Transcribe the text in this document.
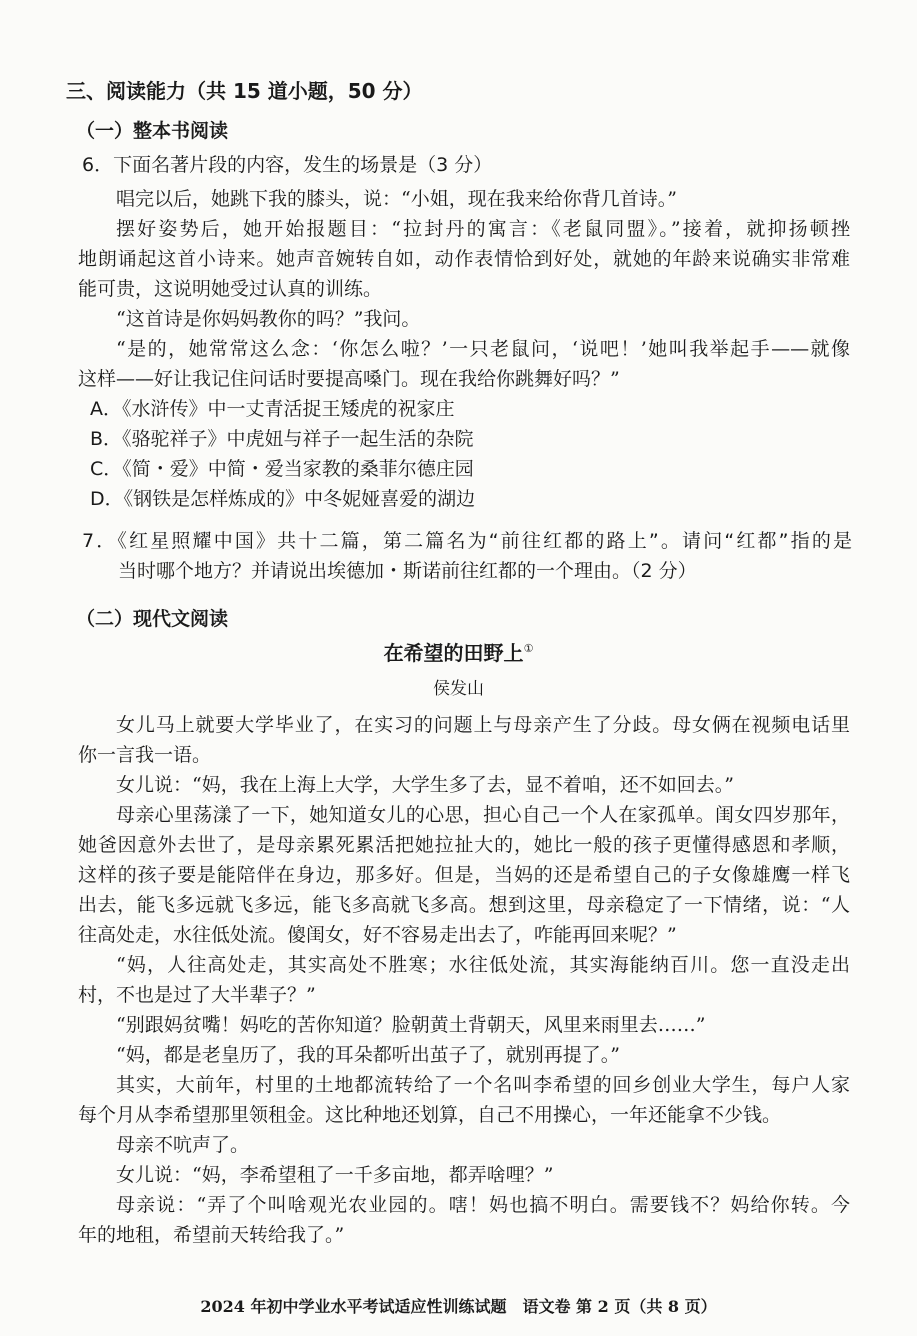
三、阅读能力（共 15 道小题，50 分）
（一）整本书阅读
6．下面名著片段的内容，发生的场景是（3 分）
唱完以后，她跳下我的膝头，说：“小姐，现在我来给你背几首诗。”
摆好姿势后，她开始报题目：“拉封丹的寓言：《老鼠同盟》。”接着，就抑扬顿挫
地朗诵起这首小诗来。她声音婉转自如，动作表情恰到好处，就她的年龄来说确实非常难
能可贵，这说明她受过认真的训练。
“这首诗是你妈妈教你的吗？”我问。
“是的，她常常这么念：‘你怎么啦？’一只老鼠问，‘说吧！’她叫我举起手——就像
这样——好让我记住问话时要提高嗓门。现在我给你跳舞好吗？”
A．《水浒传》中一丈青活捉王矮虎的祝家庄
B．《骆驼祥子》中虎妞与祥子一起生活的杂院
C．《简・爱》中简・爱当家教的桑菲尔德庄园
D．《钢铁是怎样炼成的》中冬妮娅喜爱的湖边
7．《红星照耀中国》共十二篇，第二篇名为“前往红都的路上”。请问“红都”指的是
当时哪个地方？并请说出埃德加・斯诺前往红都的一个理由。（2 分）
（二）现代文阅读
在希望的田野上①
侯发山
女儿马上就要大学毕业了，在实习的问题上与母亲产生了分歧。母女俩在视频电话里
你一言我一语。
女儿说：“妈，我在上海上大学，大学生多了去，显不着咱，还不如回去。”
母亲心里荡漾了一下，她知道女儿的心思，担心自己一个人在家孤单。闺女四岁那年，
她爸因意外去世了，是母亲累死累活把她拉扯大的，她比一般的孩子更懂得感恩和孝顺，
这样的孩子要是能陪伴在身边，那多好。但是，当妈的还是希望自己的子女像雄鹰一样飞
出去，能飞多远就飞多远，能飞多高就飞多高。想到这里，母亲稳定了一下情绪，说：“人
往高处走，水往低处流。傻闺女，好不容易走出去了，咋能再回来呢？”
“妈，人往高处走，其实高处不胜寒；水往低处流，其实海能纳百川。您一直没走出
村，不也是过了大半辈子？”
“别跟妈贫嘴！妈吃的苦你知道？脸朝黄土背朝天，风里来雨里去……”
“妈，都是老皇历了，我的耳朵都听出茧子了，就别再提了。”
其实，大前年，村里的土地都流转给了一个名叫李希望的回乡创业大学生，每户人家
每个月从李希望那里领租金。这比种地还划算，自己不用操心，一年还能拿不少钱。
母亲不吭声了。
女儿说：“妈，李希望租了一千多亩地，都弄啥哩？”
母亲说：“弄了个叫啥观光农业园的。嗐！妈也搞不明白。需要钱不？妈给你转。今
年的地租，希望前天转给我了。”
2024 年初中学业水平考试适应性训练试题　语文卷 第 2 页（共 8 页）
